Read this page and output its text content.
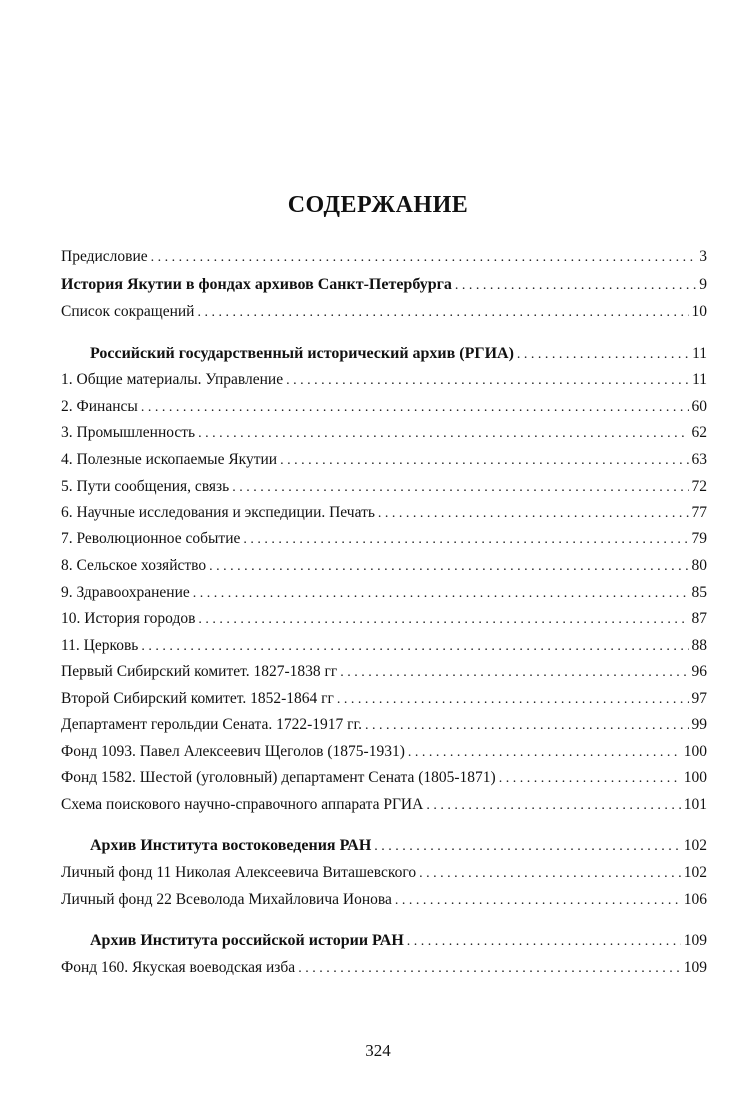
СОДЕРЖАНИЕ
Предисловие . . .	3
История Якутии в фондах архивов Санкт-Петербурга . . .	9
Список сокращений . . .	10
Российский государственный исторический архив (РГИА) . . .	11
1. Общие материалы. Управление . . .	11
2. Финансы . . .	60
3. Промышленность . . .	62
4. Полезные ископаемые Якутии . . .	63
5. Пути сообщения, связь . . .	72
6. Научные исследования и экспедиции. Печать . . .	77
7. Революционное событие . . .	79
8. Сельское хозяйство . . .	80
9. Здравоохранение . . .	85
10. История городов . . .	87
11. Церковь . . .	88
Первый Сибирский комитет. 1827-1838 гг . . .	96
Второй Сибирский комитет. 1852-1864 гг . . .	97
Департамент герольдии Сената. 1722-1917 гг. . . .	99
Фонд 1093. Павел Алексеевич Щеголов (1875-1931) . . .	100
Фонд 1582. Шестой (уголовный) департамент Сената (1805-1871) . . .	100
Схема поискового научно-справочного аппарата РГИА . . .	101
Архив Института востоковедения РАН . . .	102
Личный фонд 11 Николая Алексеевича Виташевского . . .	102
Личный фонд 22 Всеволода Михайловича Ионова . . .	106
Архив Института российской истории РАН . . .	109
Фонд 160. Якуская воеводская изба . . .	109
324
